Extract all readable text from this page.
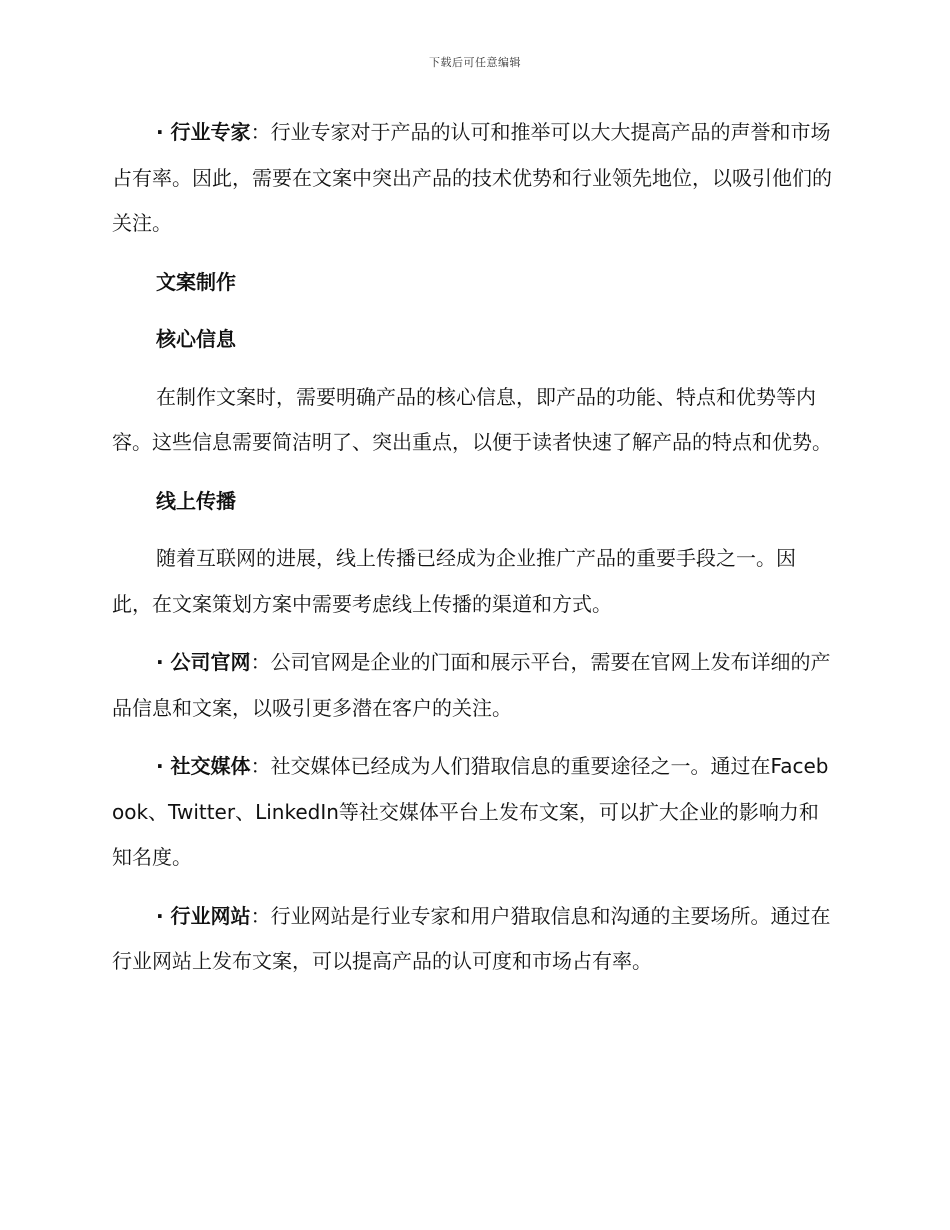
下载后可任意编辑

· 行业专家：行业专家对于产品的认可和推举可以大大提高产品的声誉和市场占有率。因此，需要在文案中突出产品的技术优势和行业领先地位，以吸引他们的关注。

文案制作

核心信息

在制作文案时，需要明确产品的核心信息，即产品的功能、特点和优势等内容。这些信息需要简洁明了、突出重点，以便于读者快速了解产品的特点和优势。

线上传播

随着互联网的进展，线上传播已经成为企业推广产品的重要手段之一。因此，在文案策划方案中需要考虑线上传播的渠道和方式。

· 公司官网：公司官网是企业的门面和展示平台，需要在官网上发布详细的产品信息和文案，以吸引更多潜在客户的关注。

· 社交媒体：社交媒体已经成为人们猎取信息的重要途径之一。通过在Facebook、Twitter、LinkedIn等社交媒体平台上发布文案，可以扩大企业的影响力和知名度。

· 行业网站：行业网站是行业专家和用户猎取信息和沟通的主要场所。通过在行业网站上发布文案，可以提高产品的认可度和市场占有率。
